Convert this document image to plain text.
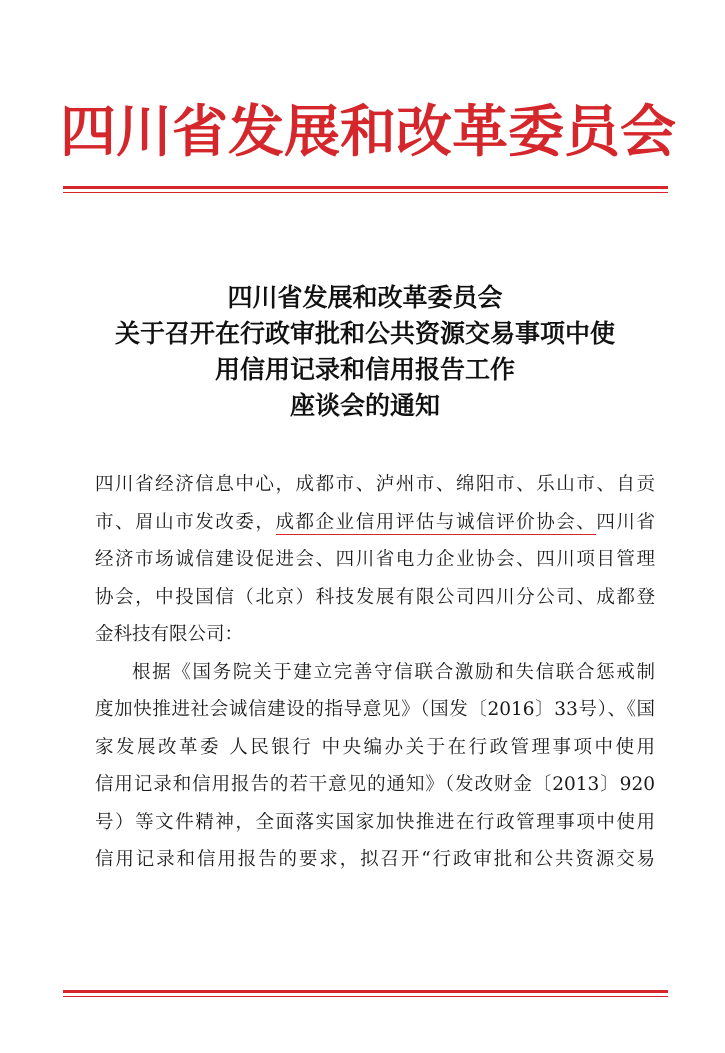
四川省发展和改革委员会
四川省发展和改革委员会
关于召开在行政审批和公共资源交易事项中使
用信用记录和信用报告工作
座谈会的通知
四川省经济信息中心，成都市、泸州市、绵阳市、乐山市、自贡
市、眉山市发改委，成都企业信用评估与诚信评价协会、四川省
经济市场诚信建设促进会、四川省电力企业协会、四川项目管理
协会，中投国信（北京）科技发展有限公司四川分公司、成都登
金科技有限公司：
根据《国务院关于建立完善守信联合激励和失信联合惩戒制
度加快推进社会诚信建设的指导意见》（国发〔2016〕33号）、《国
家发展改革委 人民银行 中央编办关于在行政管理事项中使用
信用记录和信用报告的若干意见的通知》（发改财金〔2013〕920
号）等文件精神，全面落实国家加快推进在行政管理事项中使用
信用记录和信用报告的要求，拟召开“行政审批和公共资源交易
